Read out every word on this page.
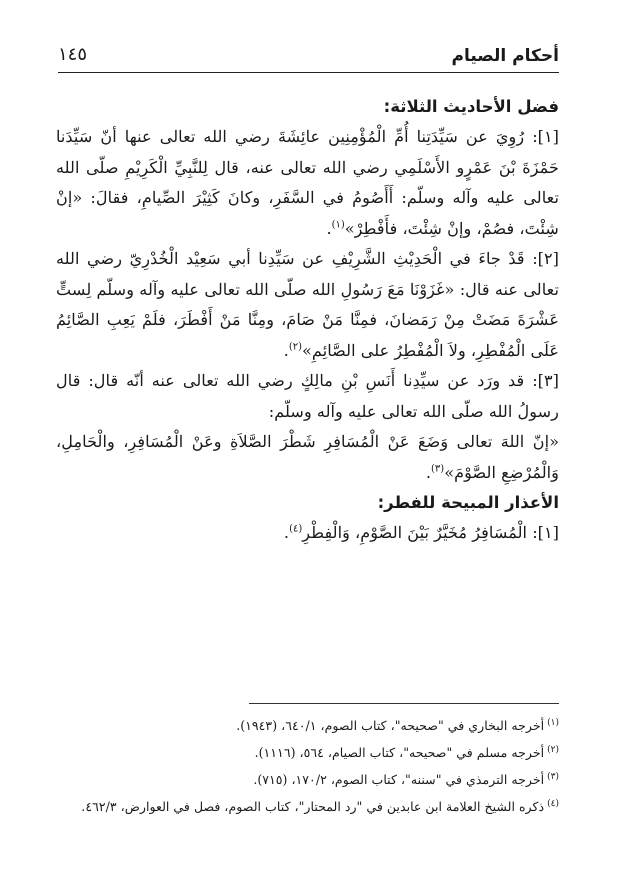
أحكام الصيام
١٤٥

فضل الأحاديث الثلاثة:

[١]: رُوِيَ عن سَيِّدَتِنا أُمِّ الْمُؤْمِنِين عائِشَةَ رضي الله تعالى عنها أنّ سَيِّدَنا حَمْزَةَ بْنَ عَمْرٍو الأَسْلَمِي رضي الله تعالى عنه، قال لِلنَّبِيِّ الْكَرِيْمِ صلّى الله تعالى عليه وآله وسلّم: أَأَصُومُ في السَّفَرِ، وكانَ كَثِيْرَ الصِّيامِ، فقالَ: «إنْ شِئْتَ، فصُمْ، وإنْ شِئْتَ، فأَفْطِرْ»$^{(١)}$.

[٢]: قَدْ جاءَ في الْحَدِيْثِ الشَّرِيْفِ عن سَيِّدِنا أبي سَعِيْد الْخُدْرِيّ رضي الله تعالى عنه قال: «غَزَوْنَا مَعَ رَسُولِ الله صلّى الله تعالى عليه وآله وسلّم لِستٍّ عَشْرَةَ مَضَتْ مِنْ رَمَضانَ، فمِنَّا مَنْ صَامَ، ومِنَّا مَنْ أَفْطَرَ، فلَمْ يَعِبِ الصَّائِمُ عَلَى الْمُفْطِرِ، ولاَ الْمُفْطِرُ على الصَّائِمِ»$^{(٢)}$.

[٣]: قد ورَد عن سيِّدِنا أَنَسِ بْنِ مالِكٍ رضي الله تعالى عنه أنّه قال: قال رسولُ الله صلّى الله تعالى عليه وآله وسلّم:

«إنّ اللهَ تعالى وَضَعَ عَنْ الْمُسَافِرِ شَطْرَ الصَّلاَةِ وعَنْ الْمُسَافِرِ، والْحَامِلِ، وَالْمُرْضِعِ الصَّوْمَ»$^{(٣)}$.

الأعذار المبيحة للفطر:

[١]: الْمُسَافِرُ مُخَيَّرٌ بَيْنَ الصَّوْمِ، وَالْفِطْرِ$^{(٤)}$.

$^{(١)}$أخرجه البخاري في "صحيحه"، كتاب الصوم، ٦٤٠/١، (١٩٤٣).

$^{(٢)}$أخرجه مسلم في "صحيحه"، كتاب الصيام، ٥٦٤، (١١١٦).

$^{(٣)}$أخرجه الترمذي في "سننه"، كتاب الصوم، ١٧٠/٢، (٧١٥).

$^{(٤)}$ذكره الشيخ العلامة ابن عابدين في "رد المحتار"، كتاب الصوم، فصل في العوارض، ٤٦٢/٣.
